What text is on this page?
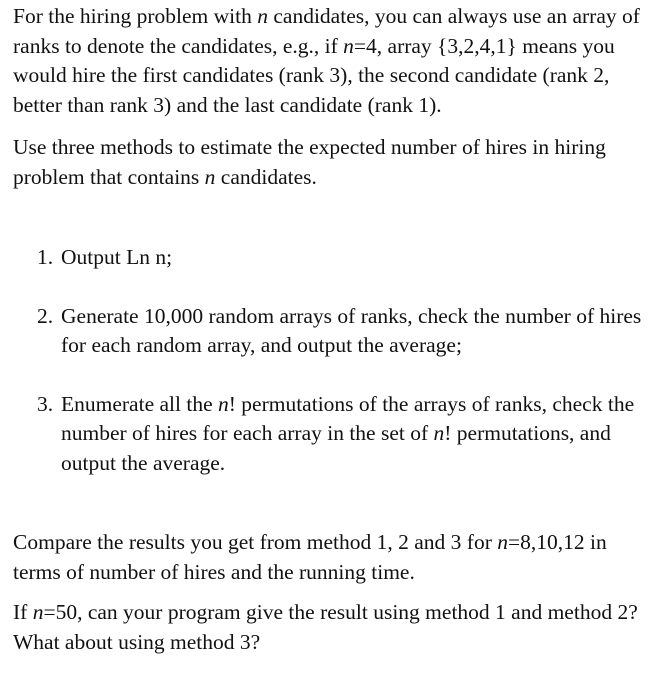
For the hiring problem with n candidates, you can always use an array of ranks to denote the candidates, e.g., if n=4, array {3,2,4,1} means you would hire the first candidates (rank 3), the second candidate (rank 2, better than rank 3) and the last candidate (rank 1).

Use three methods to estimate the expected number of hires in hiring problem that contains n candidates.

1. Output Ln n;
2. Generate 10,000 random arrays of ranks, check the number of hires for each random array, and output the average;
3. Enumerate all the n! permutations of the arrays of ranks, check the number of hires for each array in the set of n! permutations, and output the average.

Compare the results you get from method 1, 2 and 3 for n=8,10,12 in terms of number of hires and the running time.

If n=50, can your program give the result using method 1 and method 2? What about using method 3?
